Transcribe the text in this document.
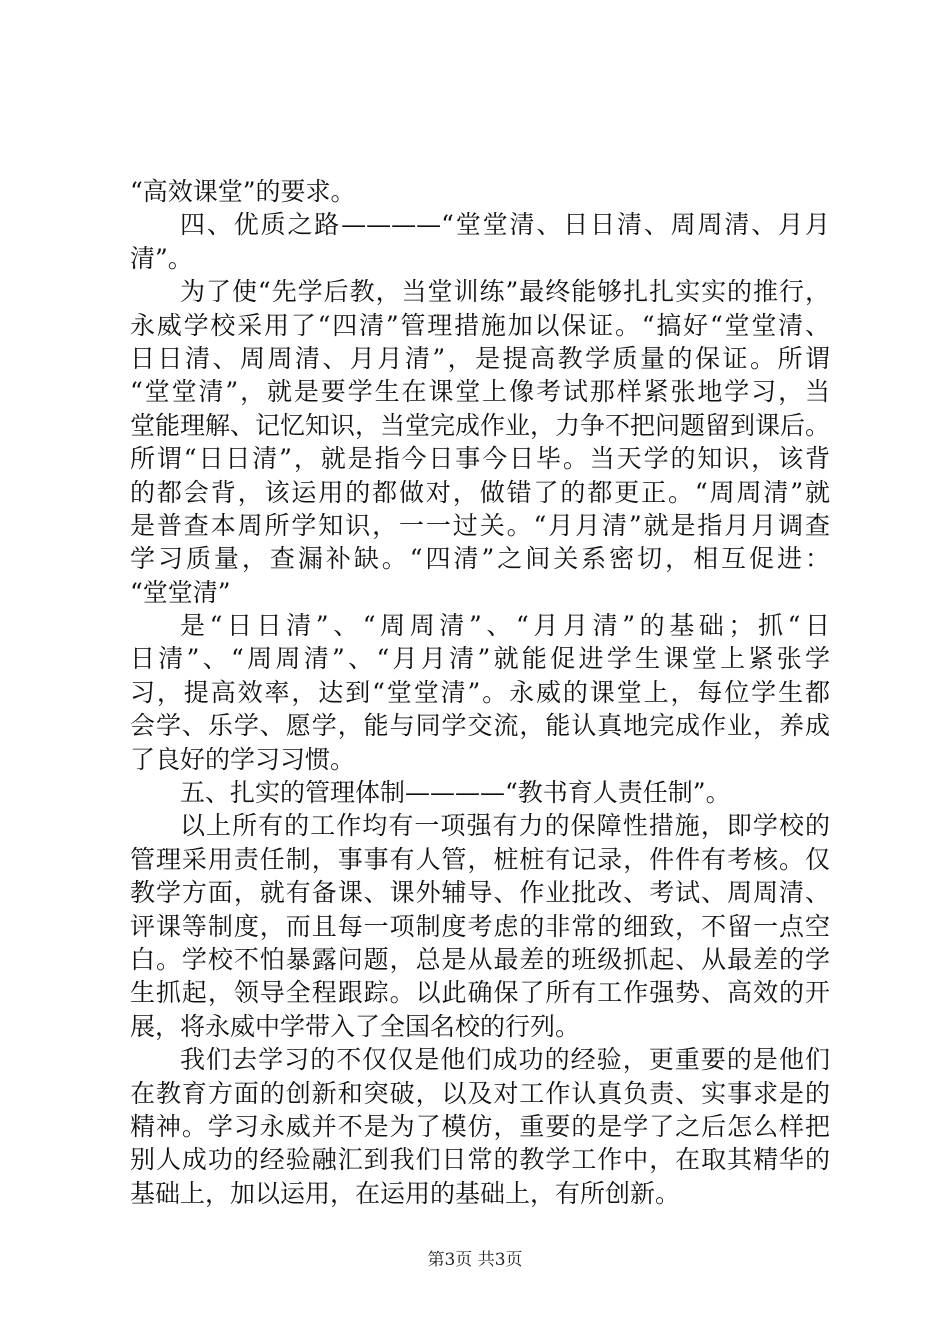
“高效课堂”的要求。
四、优质之路————“堂堂清、日日清、周周清、月月
清”。
为了使“先学后教，当堂训练”最终能够扎扎实实的推行，
永威学校采用了“四清”管理措施加以保证。“搞好“堂堂清、
日日清、周周清、月月清”，是提高教学质量的保证。所谓
“堂堂清”，就是要学生在课堂上像考试那样紧张地学习，当
堂能理解、记忆知识，当堂完成作业，力争不把问题留到课后。
所谓“日日清”，就是指今日事今日毕。当天学的知识，该背
的都会背，该运用的都做对，做错了的都更正。“周周清”就
是普查本周所学知识，一一过关。“月月清”就是指月月调查
学习质量，查漏补缺。“四清”之间关系密切，相互促进：
“堂堂清”
是“日日清”、“周周清”、“月月清”的基础；抓“日
日清”、“周周清”、“月月清”就能促进学生课堂上紧张学
习，提高效率，达到“堂堂清”。永威的课堂上，每位学生都
会学、乐学、愿学，能与同学交流，能认真地完成作业，养成
了良好的学习习惯。
五、扎实的管理体制————“教书育人责任制”。
以上所有的工作均有一项强有力的保障性措施，即学校的
管理采用责任制，事事有人管，桩桩有记录，件件有考核。仅
教学方面，就有备课、课外辅导、作业批改、考试、周周清、
评课等制度，而且每一项制度考虑的非常的细致，不留一点空
白。学校不怕暴露问题，总是从最差的班级抓起、从最差的学
生抓起，领导全程跟踪。以此确保了所有工作强势、高效的开
展，将永威中学带入了全国名校的行列。
我们去学习的不仅仅是他们成功的经验，更重要的是他们
在教育方面的创新和突破，以及对工作认真负责、实事求是的
精神。学习永威并不是为了模仿，重要的是学了之后怎么样把
别人成功的经验融汇到我们日常的教学工作中，在取其精华的
基础上，加以运用，在运用的基础上，有所创新。
第3页 共3页
